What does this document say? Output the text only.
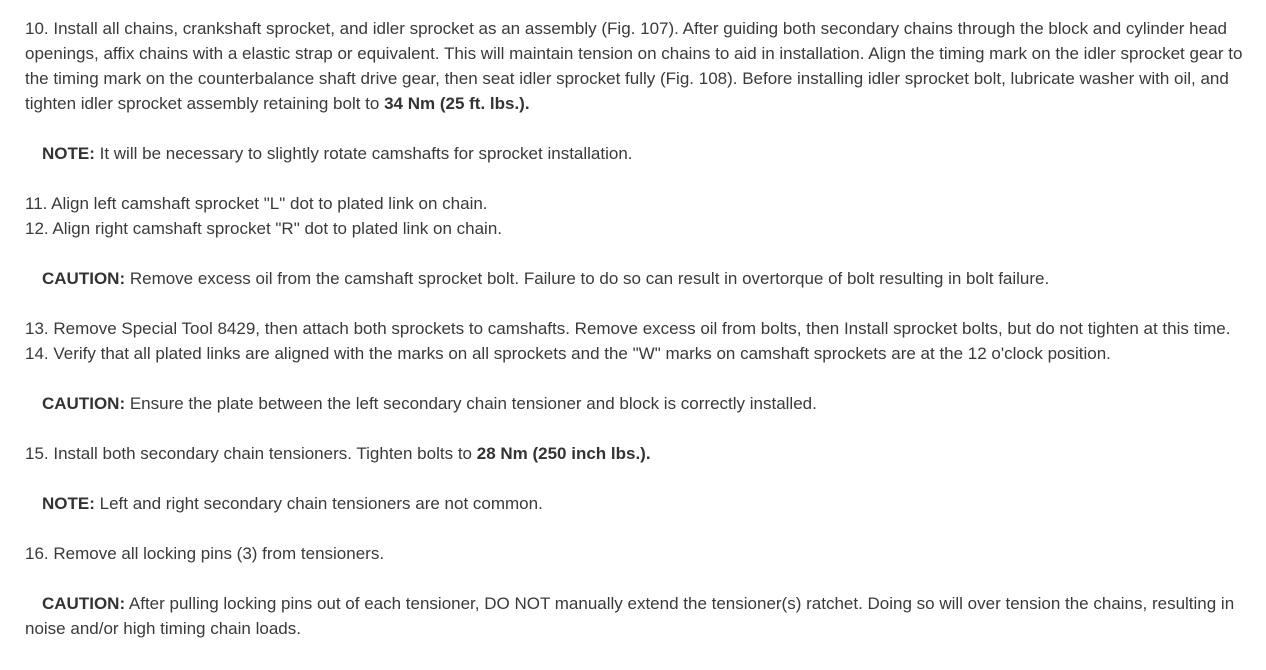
10. Install all chains, crankshaft sprocket, and idler sprocket as an assembly (Fig. 107). After guiding both secondary chains through the block and cylinder head openings, affix chains with a elastic strap or equivalent. This will maintain tension on chains to aid in installation. Align the timing mark on the idler sprocket gear to the timing mark on the counterbalance shaft drive gear, then seat idler sprocket fully (Fig. 108). Before installing idler sprocket bolt, lubricate washer with oil, and tighten idler sprocket assembly retaining bolt to 34 Nm (25 ft. lbs.).

NOTE: It will be necessary to slightly rotate camshafts for sprocket installation.

11. Align left camshaft sprocket "L" dot to plated link on chain.

12. Align right camshaft sprocket "R" dot to plated link on chain.

CAUTION: Remove excess oil from the camshaft sprocket bolt. Failure to do so can result in overtorque of bolt resulting in bolt failure.

13. Remove Special Tool 8429, then attach both sprockets to camshafts. Remove excess oil from bolts, then Install sprocket bolts, but do not tighten at this time.

14. Verify that all plated links are aligned with the marks on all sprockets and the "W" marks on camshaft sprockets are at the 12 o'clock position.

CAUTION: Ensure the plate between the left secondary chain tensioner and block is correctly installed.

15. Install both secondary chain tensioners. Tighten bolts to 28 Nm (250 inch lbs.).

NOTE: Left and right secondary chain tensioners are not common.

16. Remove all locking pins (3) from tensioners.

CAUTION: After pulling locking pins out of each tensioner, DO NOT manually extend the tensioner(s) ratchet. Doing so will over tension the chains, resulting in noise and/or high timing chain loads.
